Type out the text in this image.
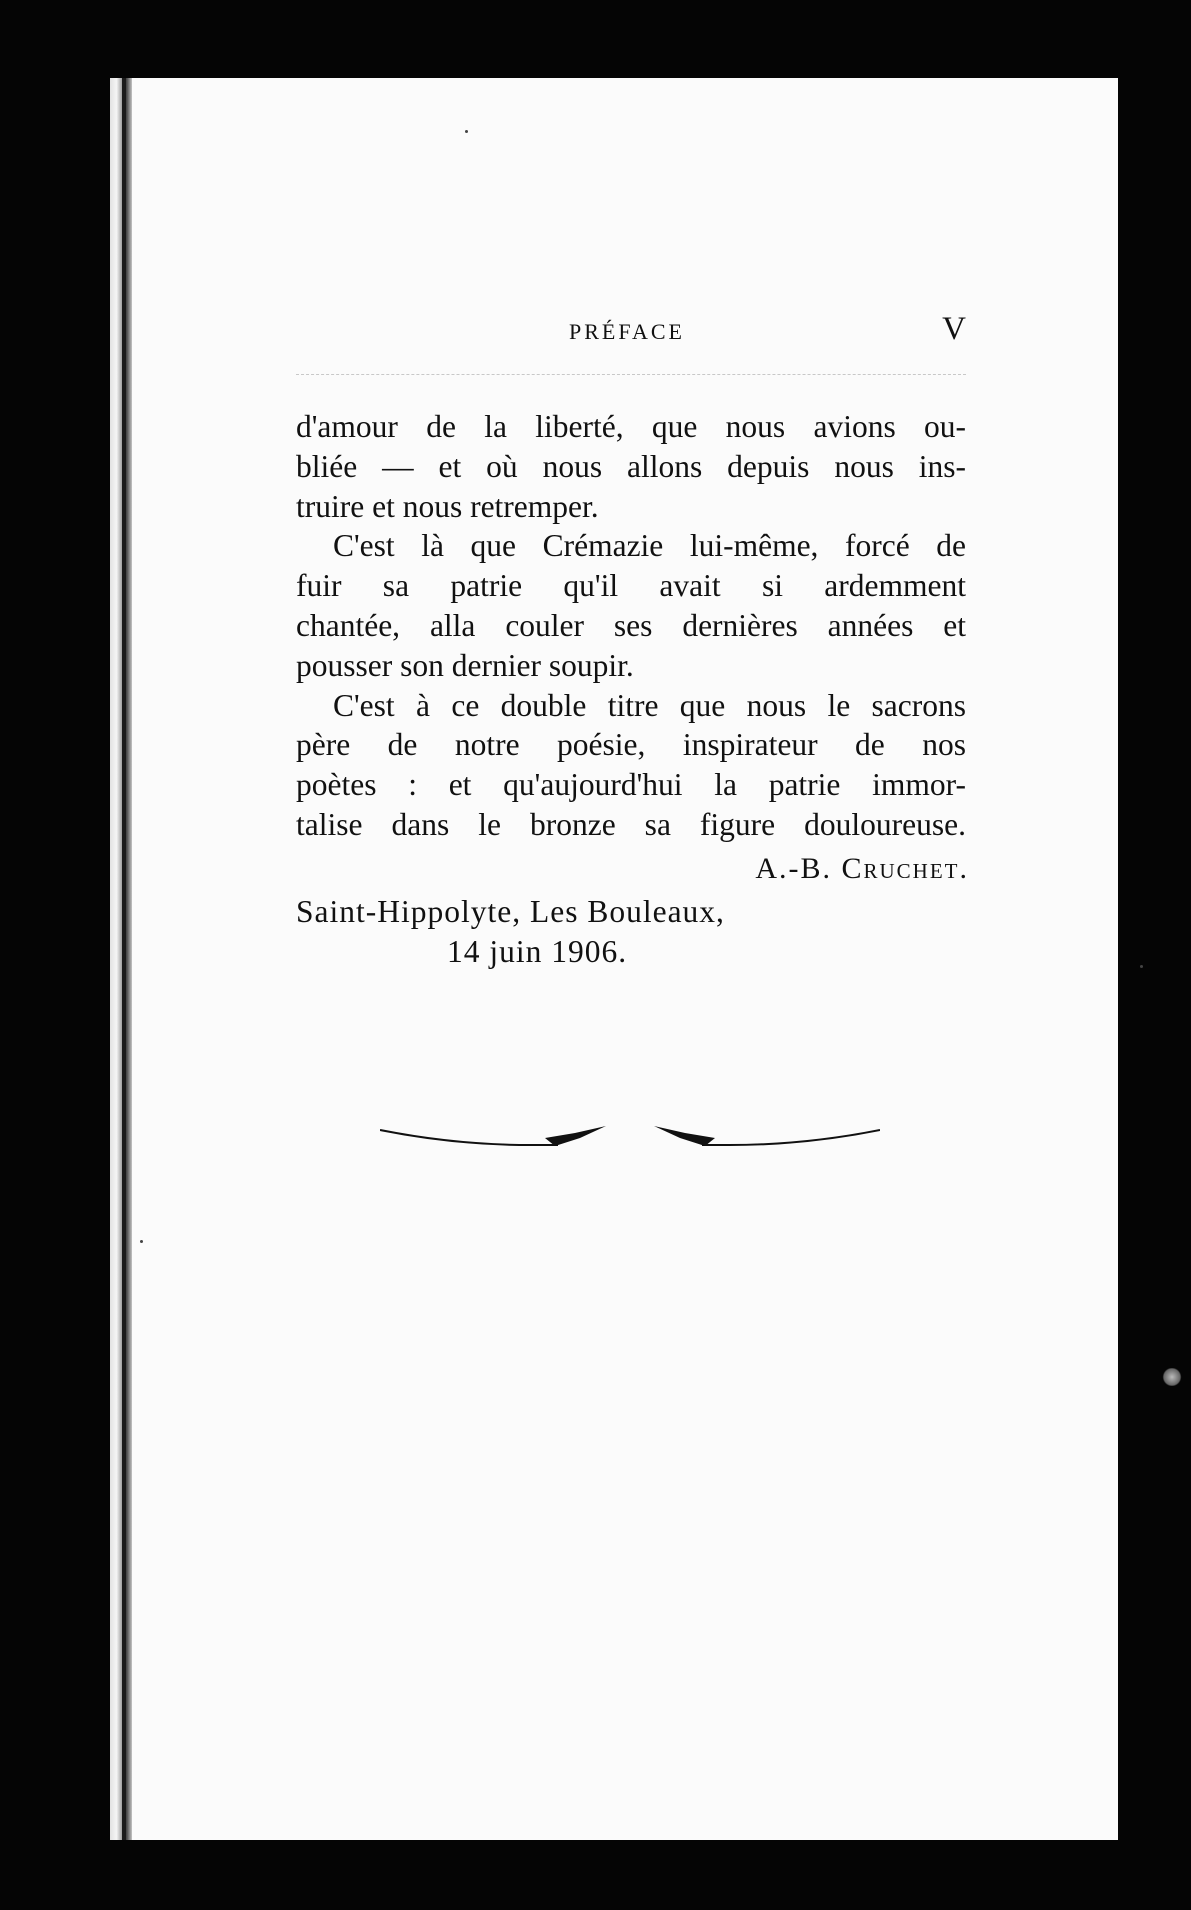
PRÉFACE	V
d'amour de la liberté, que nous avions ou-
bliée — et où nous allons depuis nous ins-
truire et nous retremper.
C'est là que Crémazie lui-même, forcé de
fuir sa patrie qu'il avait si ardemment
chantée, alla couler ses dernières années et
pousser son dernier soupir.
C'est à ce double titre que nous le sacrons
père de notre poésie, inspirateur de nos
poètes : et qu'aujourd'hui la patrie immor-
talise dans le bronze sa figure douloureuse.
A.-B. Cruchet.
Saint-Hippolyte, Les Bouleaux,
14 juin 1906.
